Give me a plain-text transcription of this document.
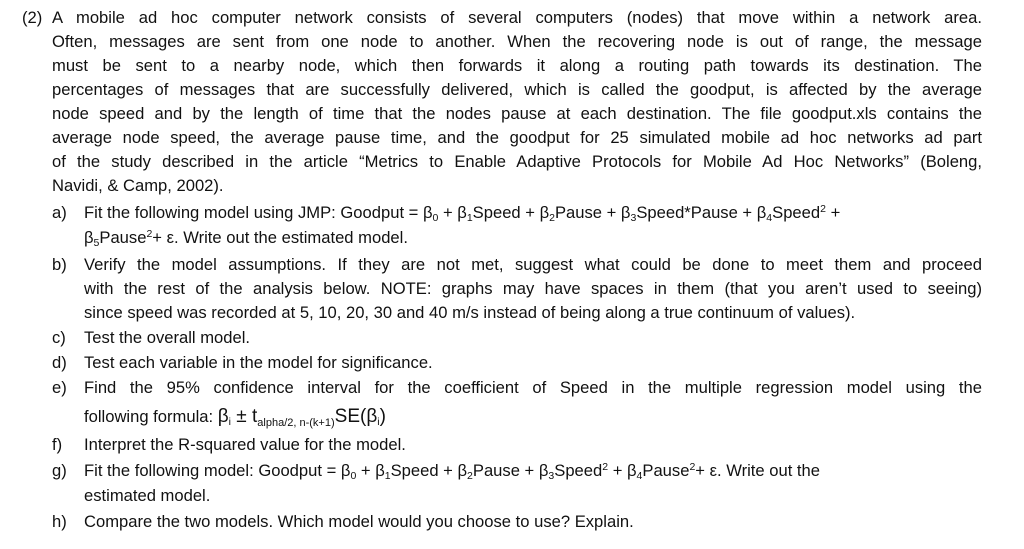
(2) A mobile ad hoc computer network consists of several computers (nodes) that move within a network area.
Often, messages are sent from one node to another. When the recovering node is out of range, the message
must be sent to a nearby node, which then forwards it along a routing path towards its destination. The
percentages of messages that are successfully delivered, which is called the goodput, is affected by the average
node speed and by the length of time that the nodes pause at each destination. The file goodput.xls contains the
average node speed, the average pause time, and the goodput for 25 simulated mobile ad hoc networks ad part
of the study described in the article “Metrics to Enable Adaptive Protocols for Mobile Ad Hoc Networks” (Boleng,
Navidi, & Camp, 2002).
a) Fit the following model using JMP: Goodput = $\beta_0$ + $\beta_1Speed$ + $\beta_2Pause$ + $\beta_3Speed*Pause$ + $\beta_4Speed^2$ +
$\beta_5Pause^2+ \varepsilon$. Write out the estimated model.
b) Verify the model assumptions. If they are not met, suggest what could be done to meet them and proceed
with the rest of the analysis below. NOTE: graphs may have spaces in them (that you aren’t used to seeing)
since speed was recorded at 5, 10, 20, 30 and 40 m/s instead of being along a true continuum of values).
c) Test the overall model.
d) Test each variable in the model for significance.
e) Find the 95% confidence interval for the coefficient of Speed in the multiple regression model using the
following formula: $\beta_i \pm t_{alpha/2, n-(k+1)}SE(\beta_i)$
f) Interpret the R-squared value for the model.
g) Fit the following model: Goodput = $\beta_0$ + $\beta_1Speed$ + $\beta_2Pause$ + $\beta_3Speed^2$ + $\beta_4Pause^2+ \varepsilon$. Write out the
estimated model.
h) Compare the two models. Which model would you choose to use? Explain.
